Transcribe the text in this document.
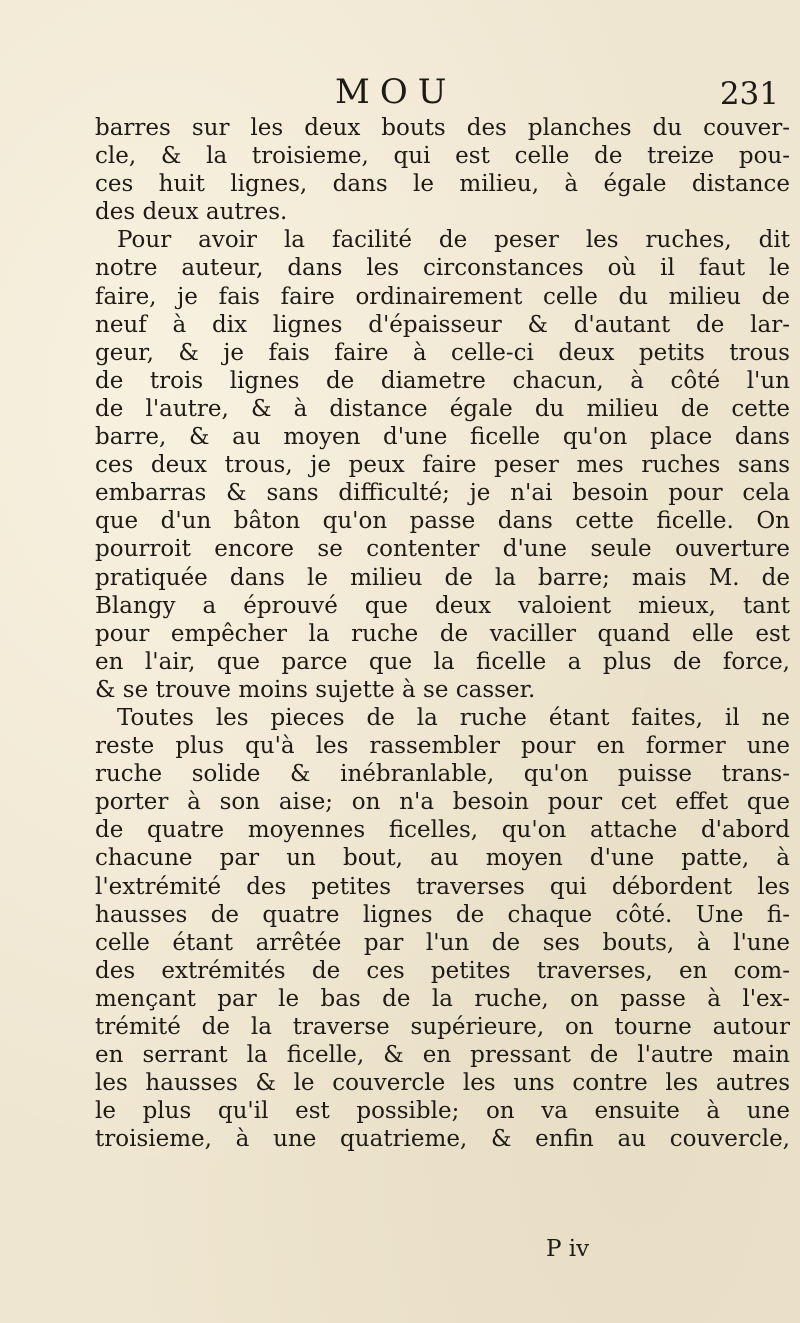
MOU	231
barres sur les deux bouts des planches du couver-
cle, & la troisieme, qui est celle de treize pou-
ces huit lignes, dans le milieu, à égale distance
des deux autres.
Pour avoir la facilité de peser les ruches, dit
notre auteur, dans les circonstances où il faut le
faire, je fais faire ordinairement celle du milieu de
neuf à dix lignes d'épaisseur & d'autant de lar-
geur, & je fais faire à celle-ci deux petits trous
de trois lignes de diametre chacun, à côté l'un
de l'autre, & à distance égale du milieu de cette
barre, & au moyen d'une ficelle qu'on place dans
ces deux trous, je peux faire peser mes ruches sans
embarras & sans difficulté; je n'ai besoin pour cela
que d'un bâton qu'on passe dans cette ficelle. On
pourroit encore se contenter d'une seule ouverture
pratiquée dans le milieu de la barre; mais M. de
Blangy a éprouvé que deux valoient mieux, tant
pour empêcher la ruche de vaciller quand elle est
en l'air, que parce que la ficelle a plus de force,
& se trouve moins sujette à se casser.
Toutes les pieces de la ruche étant faites, il ne
reste plus qu'à les rassembler pour en former une
ruche solide & inébranlable, qu'on puisse trans-
porter à son aise; on n'a besoin pour cet effet que
de quatre moyennes ficelles, qu'on attache d'abord
chacune par un bout, au moyen d'une patte, à
l'extrémité des petites traverses qui débordent les
hausses de quatre lignes de chaque côté. Une fi-
celle étant arrêtée par l'un de ses bouts, à l'une
des extrémités de ces petites traverses, en com-
mençant par le bas de la ruche, on passe à l'ex-
trémité de la traverse supérieure, on tourne autour
en serrant la ficelle, & en pressant de l'autre main
les hausses & le couvercle les uns contre les autres
le plus qu'il est possible; on va ensuite à une
troisieme, à une quatrieme, & enfin au couvercle,
P iv
